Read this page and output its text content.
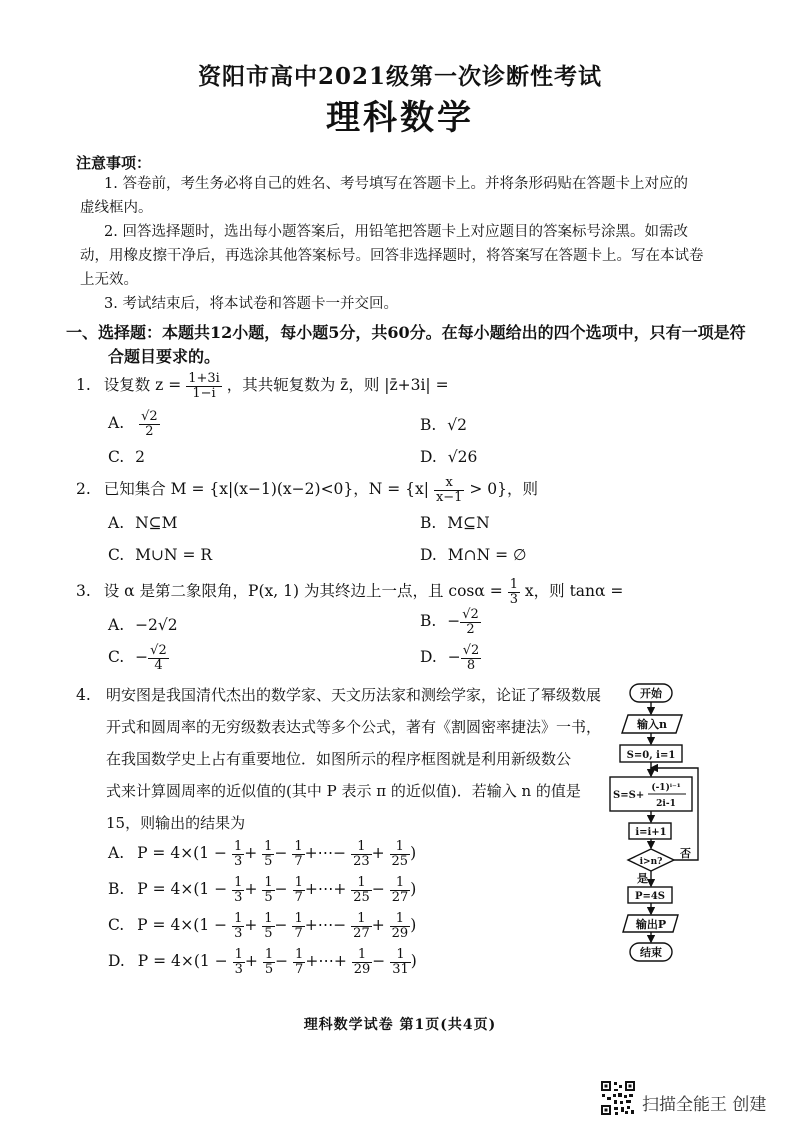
资阳市高中2021级第一次诊断性考试
理科数学
注意事项：
1. 答卷前，考生务必将自己的姓名、考号填写在答题卡上。并将条形码贴在答题卡上对应的
虚线框内。
2. 回答选择题时，选出每小题答案后，用铅笔把答题卡上对应题目的答案标号涂黑。如需改
动，用橡皮擦干净后，再选涂其他答案标号。回答非选择题时，将答案写在答题卡上。写在本试卷
上无效。
3. 考试结束后，将本试卷和答题卡一并交回。
一、选择题：本题共12小题，每小题5分，共60分。在每小题给出的四个选项中，只有一项是符
合题目要求的。
1. 设复数 $z = \frac{1+3i}{1-i}$ ，其共轭复数为 z̄，则 |z̄+3i| =
A. $\frac{√2}{2}$	B. √2
C. 2	D. √26
2. 已知集合 M = {x|(x−1)(x−2)<0}，$N = \{x| \frac{x}{x-1} > 0\}$，则
A. N⊆M	B. M⊆N
C. M∪N = R	D. M∩N = ∅
3. 设 α 是第二象限角，P(x, 1) 为其终边上一点，且 $\cos\alpha = \frac{1}{3}$ x，则 tanα =
A. −2√2	B. − $\frac{√2}{2}$
C. − $\frac{√2}{4}$	D. − $\frac{√2}{8}$
4. 明安图是我国清代杰出的数学家、天文历法家和测绘学家，论证了幂级数展
开式和圆周率的无穷级数表达式等多个公式，著有《割圆密率捷法》一书，
在我国数学史上占有重要地位．如图所示的程序框图就是利用新级数公
式来计算圆周率的近似值的(其中 P 表示 π 的近似值)．若输入 n 的值是
15，则输出的结果为
A. $P = 4\times(1 - \frac{1}{3} + \frac{1}{5} - \frac{1}{7}$ +⋯− $\frac{1}{23} + \frac{1}{25}$ )
B. $P = 4\times(1 - \frac{1}{3} + \frac{1}{5} - \frac{1}{7}$ +⋯+ $\frac{1}{25} - \frac{1}{27}$ )
C. $P = 4\times(1 - \frac{1}{3} + \frac{1}{5} - \frac{1}{7}$ +⋯− $\frac{1}{27} + \frac{1}{29}$ )
D. $P = 4\times(1 - \frac{1}{3} + \frac{1}{5} - \frac{1}{7}$ +⋯+ $\frac{1}{29} - \frac{1}{31}$ )
开始
输入n
S=0, i=1
S=S+
(-1)ⁱ⁻¹
2i-1
i=i+1
i>n?
否
是
P=4S
输出P
结束
理科数学试卷 第1页(共4页)
扫描全能王 创建
